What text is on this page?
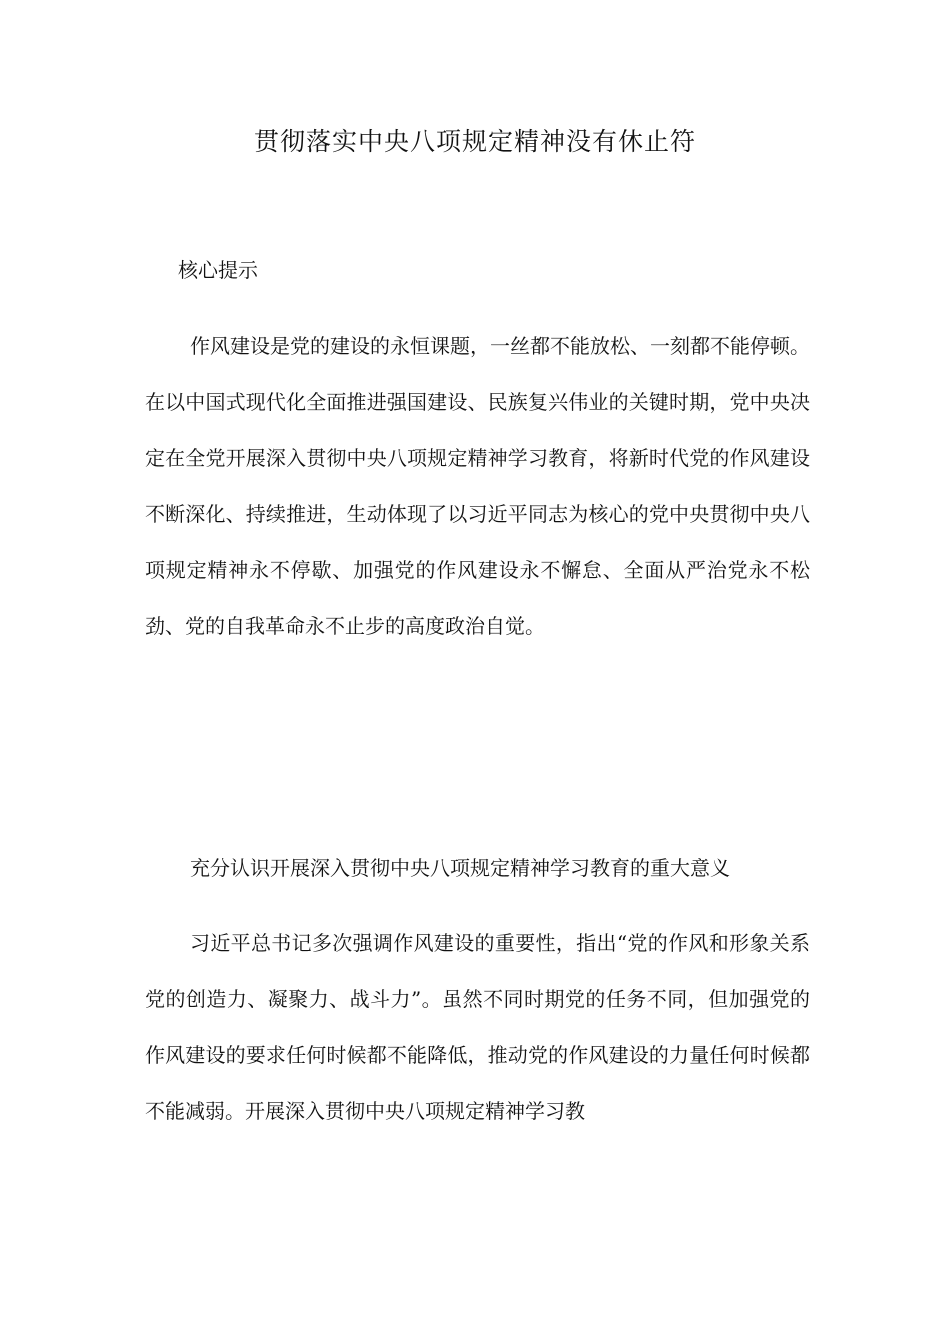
贯彻落实中央八项规定精神没有休止符

核心提示

作风建设是党的建设的永恒课题，一丝都不能放松、一刻都不能停顿。在以中国式现代化全面推进强国建设、民族复兴伟业的关键时期，党中央决定在全党开展深入贯彻中央八项规定精神学习教育，将新时代党的作风建设不断深化、持续推进，生动体现了以习近平同志为核心的党中央贯彻中央八项规定精神永不停歇、加强党的作风建设永不懈怠、全面从严治党永不松劲、党的自我革命永不止步的高度政治自觉。

充分认识开展深入贯彻中央八项规定精神学习教育的重大意义

习近平总书记多次强调作风建设的重要性，指出“党的作风和形象关系党的创造力、凝聚力、战斗力”。虽然不同时期党的任务不同，但加强党的作风建设的要求任何时候都不能降低，推动党的作风建设的力量任何时候都不能减弱。开展深入贯彻中央八项规定精神学习教
